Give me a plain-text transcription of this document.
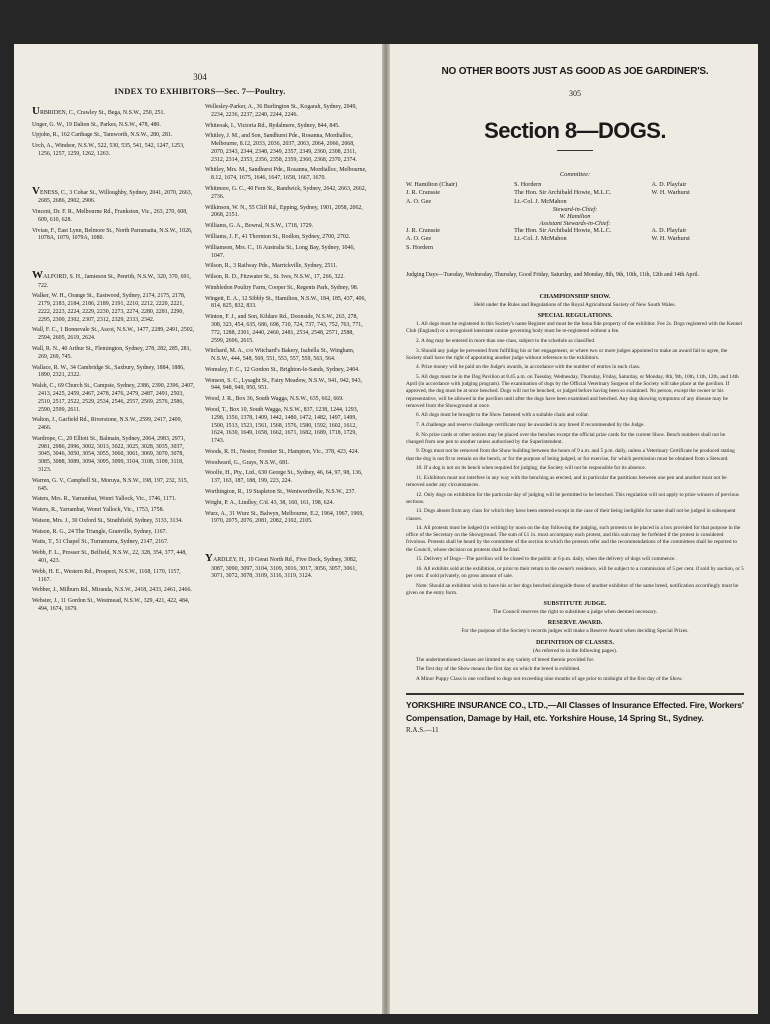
304
INDEX TO EXHIBITORS—Sec. 7—Poultry.
URBRIDEN, C., Crawley St., Bega, N.S.W., 250, 251.
Unger, G. W., 19 Dalton St., Parkes, N.S.W., 478, 480.
Upjohn, R., 162 Carthage St., Tamworth, N.S.W., 280, 281.
Urch, A., Windsor, N.S.W., 522, 530, 535, 541, 542, 1247, 1253, 1256, 1257, 1259, 1262, 1263.
VENESS, C., 3 Cobar St., Willoughby, Sydney, 2041, 2070, 2663, 2685, 2686, 2902, 2906.
Vincent, Dr. F. R., Melbourne Rd., Frankston, Vic., 263, 270, 608, 609, 610, 628.
Vivian, F., East Lynn, Belmore St., North Parramatta, N.S.W., 1026, 1078A, 1079, 1079A, 1080.
WALFORD, S. H., Jamieson St., Penrith, N.S.W., 320, 370, 691, 722.
Walker, W. H., Orange St., Eastwood, Sydney, 2174, 2175, 2178, 2179, 2183, 2184, 2186, 2189, 2191, 2210, 2212, 2220, 2221, 2222, 2223, 2224, 2229, 2230, 2273, 2274, 2280, 2281, 2290, 2295, 2300, 2302, 2307, 2312, 2329, 2333, 2342.
Wall, F. C., 1 Bonnevale St., Ascot, N.S.W., 1477, 2289, 2491, 2502, 2594, 2605, 2619, 2624.
Wall, R. N., 40 Arthur St., Flemington, Sydney, 278, 282, 285, 281, 269, 269, 745.
Wallace, R. W., 34 Cambridge St., Saxbury, Sydney, 1884, 1886, 1890, 2321, 2322.
Walsh, C., 69 Church St., Campsie, Sydney, 2386, 2390, 2396, 2407, 2413, 2425, 2459, 2467, 2478, 2476, 2479, 2487, 2491, 2503, 2510, 2517, 2522, 2529, 2534, 2546, 2557, 2569, 2576, 2586, 2590, 2599, 2611.
Walton, J., Garfield Rd., Riverstone, N.S.W., 2599, 2417, 2409, 2466.
Wardrope, C., 20 Elliott St., Balmain, Sydney, 2064, 2983, 2971, 2981, 2986, 2996, 3002, 3013, 3022, 3025, 3028, 3035, 3037, 3045, 3046, 3050, 3054, 3055, 3060, 3061, 3069, 3070, 3078, 3085, 3088, 3089, 3094, 3095, 3099, 3104, 3108, 3109, 3118, 3123.
Warren, G. V., Campbell St., Moruya, N.S.W., 198, 197, 232, 315, 645.
Waters, Mrs. R., Yarrambat, Wonri Yallock, Vic., 1746, 1171.
Waters, R., Yarrambat, Wonri Yallock, Vic., 1753, 1758.
Watson, Mrs. J., 30 Oxford St., Strathfield, Sydney, 3133, 3134.
Watson, R. G., 24 The Triangle, Granville, Sydney, 1167.
Watts, T., 51 Chapel St., Turramurra, Sydney, 2147, 2167.
Webb, F. L., Prosser St., Belfield, N.S.W., 22, 328, 354, 377, 448, 401, 423.
Webb, H. E., Western Rd., Prospect, N.S.W., 1168, 1170, 1157, 1167.
Webber, J., Milburn Rd., Miranda, N.S.W., 2418, 2433, 2461, 2466.
Webster, J., 11 Gordon St., Westmead, N.S.W., 329, 421, 422, 484, 494, 1674, 1679.
Wellesley-Parker, A., 36 Burlington St., Kogarah, Sydney, 2049, 2234, 2236, 2237, 2240, 2244, 2246.
Whiteoak, I., Victoria Rd., Rydalmere, Sydney, 844, 845.
Whitley, J. M., and Son, Sandhurst Pde., Rosanna, Mordialloc, Melbourne, 8.12, 2033, 2036, 2037, 2063, 2064, 2066, 2068, 2070, 2343, 2344, 2348, 2349, 2357, 2349, 2360, 2308, 2311, 2312, 2314, 2353, 2356, 2358, 2359, 2360, 2368, 2370, 2374.
Whitley, Mrs. M., Sandhurst Pde., Rosanna, Mordialloc, Melbourne, 8.12, 1674, 1675, 1646, 1647, 1658, 1667, 1670.
Whitmore, G. C., 40 Fern St., Randwick, Sydney, 2642, 2663, 2662, 2736.
Wilkinson, W. N., 55 Cliff Rd., Epping, Sydney, 1901, 2058, 2062, 2068, 2151.
Williams, G. A., Bowral, N.S.W., 1718, 1729.
Williams, J. F., 41 Thornton St., Rodlon, Sydney, 2700, 2702.
Williamson, Mrs. C., 16 Australia St., Long Bay, Sydney, 1046, 1047.
Wilson, R., 3 Railway Pde., Marrickville, Sydney, 2511.
Wilson, R. D., Fitzwater St., St. Ives, N.S.W., 17, 266, 322.
Wimbledon Poultry Farm, Cooper St., Regents Park, Sydney, 98.
Wingett, E. A., 12 Sibbly St., Hamilton, N.S.W., 184, 185, 437, 406, 814, 825, 832, 833.
Winton, F. J., and Son, Kildare Rd., Doonside, N.S.W., 263, 278, 308, 323, 454, 635, 686, 698, 710, 724, 737, 743, 752, 763, 771, 772, 1288, 2301, 2440, 2460, 2481, 2534, 2548, 2571, 2588, 2599, 2606, 2615.
Witchard, M. A., c/o Witchard's Bakery, Isabella St., Wingham, N.S.W., 444, 548, 569, 551, 553, 557, 559, 563, 564.
Womsley, F. C., 12 Gordon St., Brighton-le-Sands, Sydney, 2404.
Wonson, S. C., Lysaght St., Fairy Meadow, N.S.W., 941, 942, 943, 944, 948, 949, 950, 951.
Wood, J. R., Box 36, South Wagga, N.S.W., 635, 662, 669.
Wood, T., Box 10, South Wagga, N.S.W., 837, 1238, 1244, 1293, 1298, 1356, 1378, 1409, 1442, 1480, 1472, 1482, 1497, 1499, 1500, 1513, 1523, 1561, 1568, 1576, 1580, 1592, 1602, 1612, 1624, 1630, 1649, 1658, 1662, 1671, 1682, 1689, 1718, 1729, 1743.
Woods, R. H., Nestor, Frontier St., Hampton, Vic., 378, 423, 424.
Woodward, G., Grays, N.S.W., 681.
Woolfe, H., Pty., Ltd., 630 George St., Sydney, 46, 64, 97, 98, 136, 137, 163, 187, 188, 199, 223, 224.
Worthington, R., 19 Stapleton St., Wentworthville, N.S.W., 237.
Wright, P. A., Lindley, C/d. 43, 38, 160, 161, 198, 624.
Wurz, A., 31 Wurz St., Balwyn, Melbourne, E.2, 1964, 1967, 1969, 1970, 2075, 2076, 2081, 2082, 2102, 2105.
YARDLEY, H., 10 Great North Rd., Five Dock, Sydney, 3082, 3087, 3090, 3097, 3104, 3109, 3016, 3017, 3056, 3057, 3061, 3071, 3072, 3078, 3109, 3116, 3119, 3124.
NO OTHER BOOTS JUST AS GOOD AS JOE GARDINER'S.
305
Section 8—DOGS.
Committee:
W. Hamilton (Chair)	S. Hordern	A. D. Playfair
J. R. Cranssie	The Hon. Sir Archibald Howie, M.L.C.	W. H. Warhurst
A. O. Gee	Lt.-Col. J. McMahon
Steward-in-Chief:
W. Hamilton
Assistant Stewards-in-Chief:
J. R. Cranssie	The Hon. Sir Archibald Howie, M.L.C.	A. D. Playfair
A. O. Gee	Lt.-Col. J. McMahon	W. H. Warhurst
S. Hordern
Judging Days—Tuesday, Wednesday, Thursday, Good Friday, Saturday, and Monday, 8th, 9th, 10th, 11th, 12th and 14th April.
CHAMPIONSHIP SHOW.
Held under the Rules and Regulations of the Royal Agricultural Society of New South Wales.
SPECIAL REGULATIONS.
1. All dogs must be registered in this Society's name Register and must be the bona fide property of the exhibitor. Fee 2s. Dogs registered with the Kennel Club (England) or a recognised interstate canine governing body must be re-registered without a fee.
2. A dog may be entered in more than one class, subject to the schedule as classified.
3. Should any judge be prevented from fulfilling his or her engagement, or where two or more judges appointed to make an award fail to agree, the Society shall have the right of appointing another judge without reference to the exhibitors.
4. Prize money will be paid on the Judge's awards, in accordance with the number of entries in each class.
5. All dogs must be in the Dog Pavilion at 8.45 a.m. on Tuesday, Wednesday, Thursday, Friday, Saturday, or Monday, 8th, 9th, 10th, 11th, 12th, and 14th April (in accordance with judging program). The examination of dogs by the Official Veterinary Surgeon of the Society will take place at the pavilion. If approved, the dog must be at once benched. Dogs will not be benched, or judged before having been so examined. No person, except the owner or his representative, will be allowed in the pavilion until after the dogs have been examined and benched. Any dog showing symptoms of any disease may be removed from the Showground at once.
6. All dogs must be brought to the Show fastened with a suitable chain and collar.
7. A challenge and reserve challenge certificate may be awarded in any breed if recommended by the Judge.
8. No prize cards or other notices may be placed over the benches except the official prize cards for the current Show. Bench numbers shall not be changed from one pen to another unless authorised by the Superintendent.
9. Dogs must not be removed from the Show building between the hours of 9 a.m. and 5 p.m. daily, unless a Veterinary Certificate be produced stating that the dog is not fit to remain on the bench, or for the purpose of being judged, or for exercise, for which permission must be obtained from a Steward.
10. If a dog is not on its bench when required for judging, the Society will not be responsible for its absence.
11. Exhibitors must not interfere in any way with the benching as erected, and in particular the partitions between one pen and another must not be removed under any circumstances.
12. Only dogs on exhibition for the particular day of judging will be permitted to be benched. This regulation will not apply to prize winners of previous sections.
13. Dogs absent from any class for which they have been entered except in the case of their being ineligible for same shall not be judged in subsequent classes.
14. All protests must be lodged (in writing) by noon on the day following the judging, such protests to be placed in a box provided for that purpose in the office of the Secretary on the Showground. The sum of £1 1s. must accompany each protest, and this sum may be forfeited if the protest is considered frivolous. Protests shall be heard by the committee of the section to which the protests refer and the recommendations of the committees shall be reported to the Council, whose decision on protests shall be final.
15. Delivery of Dogs—The pavilion will be closed to the public at 6 p.m. daily, when the delivery of dogs will commence.
16. All exhibits sold at the exhibition, or prior to their return to the owner's residence, will be subject to a commission of 5 per cent. if sold by auction, or 5 per cent. if sold privately, on gross amount of sale.
Note: Should an exhibitor wish to have his or her dogs benched alongside those of another exhibitor of the same breed, notification accordingly must be given on the entry form.
SUBSTITUTE JUDGE.
The Council reserves the right to substitute a judge when deemed necessary.
RESERVE AWARD.
For the purpose of the Society's records judges will make a Reserve Award when deciding Special Prizes.
DEFINITION OF CLASSES.
(As referred to in the following pages).
The undermentioned classes are limited to any variety of breed therein provided for.
The first day of the Show means the first day on which the breed is exhibited.
A Minor Puppy Class is one confined to dogs not exceeding nine months of age prior to midnight of the first day of the Show.
YORKSHIRE INSURANCE CO., LTD.,—All Classes of Insurance Effected. Fire, Workers' Compensation, Damage by Hail, etc. Yorkshire House, 14 Spring St., Sydney.
R.A.S.—11
